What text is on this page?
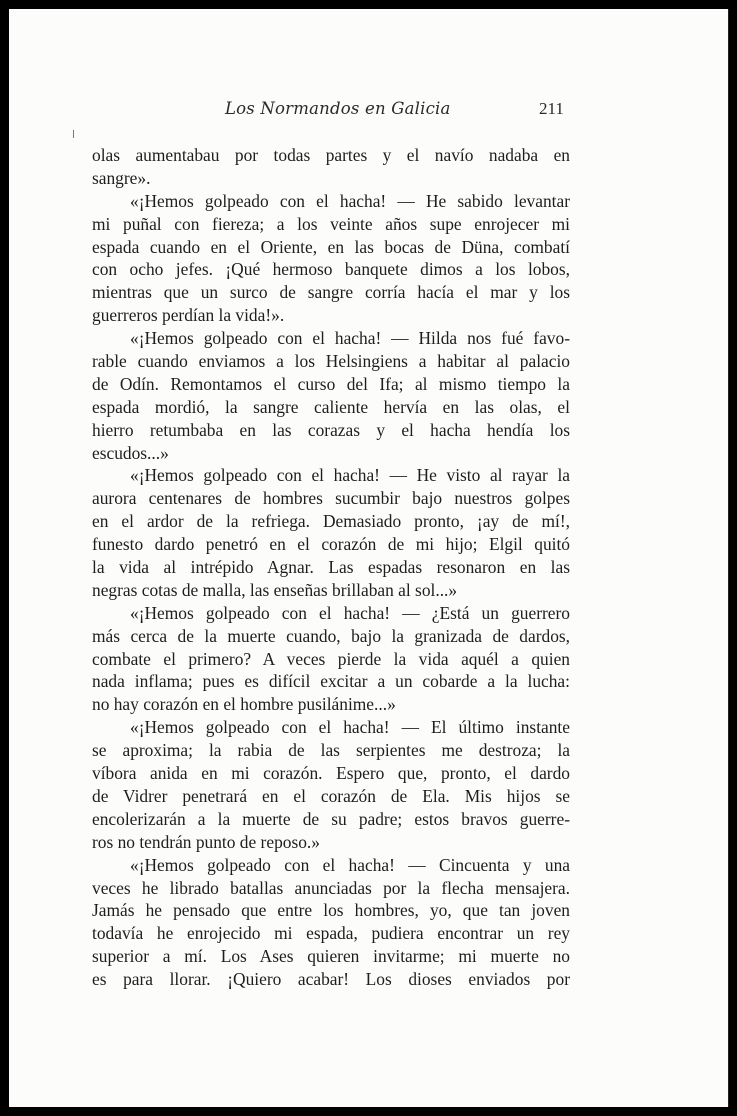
Los Normandos en Galicia	211
olas aumentabau por todas partes y el navío nadaba en
sangre».
«¡Hemos golpeado con el hacha! — He sabido levantar
mi puñal con fiereza; a los veinte años supe enrojecer mi
espada cuando en el Oriente, en las bocas de Düna, combatí
con ocho jefes. ¡Qué hermoso banquete dimos a los lobos,
mientras que un surco de sangre corría hacía el mar y los
guerreros perdían la vida!».
«¡Hemos golpeado con el hacha! — Hilda nos fué favo-
rable cuando enviamos a los Helsingiens a habitar al palacio
de Odín. Remontamos el curso del Ifa; al mismo tiempo la
espada mordió, la sangre caliente hervía en las olas, el
hierro retumbaba en las corazas y el hacha hendía los
escudos...»
«¡Hemos golpeado con el hacha! — He visto al rayar la
aurora centenares de hombres sucumbir bajo nuestros golpes
en el ardor de la refriega. Demasiado pronto, ¡ay de mí!,
funesto dardo penetró en el corazón de mi hijo; Elgil quitó
la vida al intrépido Agnar. Las espadas resonaron en las
negras cotas de malla, las enseñas brillaban al sol...»
«¡Hemos golpeado con el hacha! — ¿Está un guerrero
más cerca de la muerte cuando, bajo la granizada de dardos,
combate el primero? A veces pierde la vida aquél a quien
nada inflama; pues es difícil excitar a un cobarde a la lucha:
no hay corazón en el hombre pusilánime...»
«¡Hemos golpeado con el hacha! — El último instante
se aproxima; la rabia de las serpientes me destroza; la
víbora anida en mi corazón. Espero que, pronto, el dardo
de Vidrer penetrará en el corazón de Ela. Mis hijos se
encolerizarán a la muerte de su padre; estos bravos guerre-
ros no tendrán punto de reposo.»
«¡Hemos golpeado con el hacha! — Cincuenta y una
veces he librado batallas anunciadas por la flecha mensajera.
Jamás he pensado que entre los hombres, yo, que tan joven
todavía he enrojecido mi espada, pudiera encontrar un rey
superior a mí. Los Ases quieren invitarme; mi muerte no
es para llorar. ¡Quiero acabar! Los dioses enviados por
